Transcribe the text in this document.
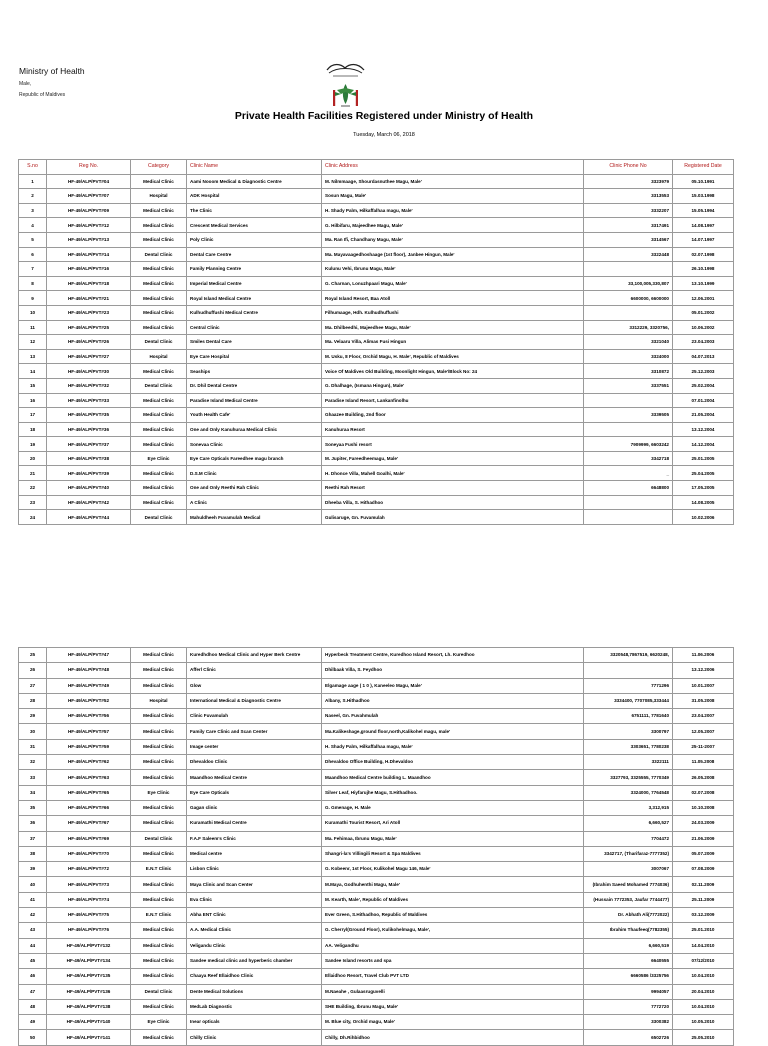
Ministry of Health
Male,
Republic of Maldives
Private Health Facilities Registered under Ministry of Health
Tuesday, March 06, 2018
S.no	Reg No.	Category	Clinic Name	Clinic Address	Clinic Phone No	Registered Date
1	HF-49/ALP/PVT#04	Medical Clinic	Aami Nooom Medical & Diagnostic Centre	M. Nilmmaage, Shourdasnuthee Magu, Male'	3323979	05.10.1991
2	HF-49/ALP/PVT#07	Hospital	ADK Hospital	Sosun Magu, Male'	3313553	15.03.1998
3	HF-49/ALP/PVT#09	Medical Clinic	The Clinic	H. Shady Palm, Hilkaffalhaa magu, Male'	3332207	15.05.1994
4	HF-49/ALP/PVT#12	Medical Clinic	Crescent Medical Services	G. Hilbifaru, Majeedhee Magu, Male'	3317491	14.08.1997
5	HF-49/ALP/PVT#13	Medical Clinic	Poly Clinic	Ma. Ran Ifi, Chandhany Magu, Male'	3314567	14.07.1997
6	HF-49/ALP/PVT#14	Dental Clinic	Dental Care Centre	Ma. Mayavaagedhoshaage (1st floor), Janbee Hingun, Male'	3322448	02.07.1998
7	HF-49/ALP/PVT#16	Medical Clinic	Family Planning Centre	Kulunu Vehi, Ibrunu Magu, Male'		26.10.1998
8	HF-49/ALP/PVT#18	Medical Clinic	Imperial Medical Centre	G. Charnan, Lonuzhpaari Magu, Male'	33,100,005,330,807	13.10.1999
9	HF-49/ALP/PVT#21	Medical Clinic	Royal Island Medical Centre	Royal Island Resort, Baa Atoll	6600000, 6600000	12.06.2001
10	HF-49/ALP/PVT#23	Medical Clinic	Kulhudhuffushi Medical Centre	Filhumaage, Hdh. Kulhudhuffushi		05.01.2002
11	HF-49/ALP/PVT#25	Medical Clinic	Central Clinic	Ma. Dhilbeedhi, Majeedhee Magu, Male'	3312229, 3320756,	10.06.2002
12	HF-49/ALP/PVT#26	Dental Clinic	Smiles Dental Care	Ma. Velaaru Villa, Alimas Fusi Hingun	3321040	23.04.2003
13	HF-49/ALP/PVT#27	Hospital	Eye Care Hospital	M. Usku, 8 Floor, Orchid Magu, H. Male', Republic of Maldives	3324000	04.07.2013
14	HF-49/ALP/PVT#30	Medical Clinic	Seaships	Voice Of Maldives Old Building, Moonlight Hingun, Male'/Block No: 24	3310872	25.12.2003
15	HF-49/ALP/PVT#32	Dental Clinic	Dr. Dhil Dental Centre	G. Dhalhage, (Ismana Hingun), Male'	3337551	25.02.2004
16	HF-49/ALP/PVT#33	Medical Clinic	Paradise Island Medical Centre	Paradise Island Resort, Lankanfinolhu		07.01.2004
17	HF-49/ALP/PVT#35	Medical Clinic	Youth Health Cafe'	Ghaazee Building, 2nd floor	3339505	21.05.2004
18	HF-49/ALP/PVT#36	Medical Clinic	One and Only Kanuhuraa Medical Clinic	Kanuhuraa Resort		13.12.2004
19	HF-49/ALP/PVT#37	Medical Clinic	Sonevaa Clinic	Soneyaa Fushi resort	7909999, 6603242	14.12.2004
20	HF-49/ALP/PVT#38	Eye Clinic	Eye Care Opticals Fareedhee magu branch	M. Jupiter, Fareedheemagu, Male'	3342718	25.01.2005
21	HF-49/ALP/PVT#39	Medical Clinic	D.S.M Clinic	H. Dhonce Villa, Mahell Goalhi, Male'	_	25.04.2005
22	HF-49/ALP/PVT#40	Medical Clinic	One and Only Reethi Rah Clinic	Reethi Rah Resort	6648800	17.05.2005
23	HF-49/ALP/PVT#42	Medical Clinic	A Clinic	Dheeba Villa, S. Hithadhoo		14.08.2005
24	HF-49/ALP/PVT#44	Dental Clinic	Mahuldheeh Fuvamulah Medical	Gulisaruge, Gn. Fuvamulah		10.02.2006
25	HF-49/ALP/PVT#47	Medical Clinic	Kuredhdhoo Medical Clinic and Hyper Berk Centre	Hyperbeck Treatment Centre, Kuredhoo Island Resort, Lh. Kuredhoo	3320548,7867519, 6620248,	11.06.2006
26	HF-49/ALP/PVT#48	Medical Clinic	Afferl Clinic	Dhilbaak Villa, S. Feydhoo		13.12.2006
27	HF-49/ALP/PVT#49	Medical Clinic	Glow	Elgamage aage ( 1 0 ), Kaneeleo Magu, Male'	7771296	10.01.2007
28	HF-49/ALP/PVT#52	Hospital	International Medical & Diagnostic Centre	Albany, S.Hithadhoo	3334400, 7707085,333444	31.05.2008
29	HF-49/ALP/PVT#56	Medical Clinic	Clinic Fuvamulah	Naseel, Gn. Fuvahmulah	6751111, 7781640	23.04.2007
30	HF-49/ALP/PVT#57	Medical Clinic	Family Care Clinic and Scan Center	Ma.Kalikeshage,ground floor,north,Kalikohel magu, male'	3300797	12.05.2007
31	HF-49/ALP/PVT#59	Medical Clinic	Image center	H. Shady Palm, Hilkaffalhaa magu, Male'	3303651, 7780238	25-11-2007
32	HF-49/ALP/PVT#62	Medical Clinic	Dhevaldoo Clinic	Dhevaldoo Office Building, H.Dhevaldoo	3322111	11.05.2008
33	HF-49/ALP/PVT#63	Medical Clinic	Maandhoo Medical Centre	Maandhoo Medical Centre building L. Maandhoo	3327793, 3325555, 7770349	26.05.2008
34	HF-49/ALP/PVT#65	Eye Clinic	Eye Care Opticals	Silver Leaf, Hiyfarujhe Magu, S.Hithadhoo.	3324000, 7764548	02.07.2008
35	HF-49/ALP/PVT#66	Medical Clinic	Gagan clinic	G. Gmenage, H. Male	3,312,915	10.10.2008
36	HF-49/ALP/PVT#67	Medical Clinic	Kuramathi Medical Centre	Kuramathi Tourist Resort, Ari Atoll	6,660,527	24.03.2009
37	HF-49/ALP/PVT#69	Dental Clinic	F.A.F Saleem's Clinic	Ma. Fehimaa, Ibrunu Magu, Male'	7704472	21.06.2009
38	HF-49/ALP/PVT#70	Medical Clinic	Medical centre	Shangri-la's Villingili Resort & Spa Maldives	3342717, (Tharifaraz-7777352)	05.07.2009
39	HF-49/ALP/PVT#72	E.N.T Clinic	Lisbon Clinic	G. Kobeenr, 1st Floor, Kulikohel Magu 146, Male'	3007067	07.08.2009
40	HF-49/ALP/PVT#73	Medical Clinic	Maya Clinic and Scan Center	M.Maya, Godhuhenthi Magu, Male'	(Ibrahim Saeed Mohamed 7774036)	02.11.2009
41	HF-49/ALP/PVT#74	Medical Clinic	Eva Clinic	M. Kearth, Male', Republic of Maldives	(Hussain 7772353, Jaufar 7744477)	25.11.2009
42	HF-49/ALP/PVT#75	E.N.T Clinic	Abha ENT Clinic	Ever Green, S.Hithadhoo, Republic of Maldives	Dr. Abhath Ali(7772022)	03.12.2009
43	HF-49/ALP/PVT#76	Medical Clinic	A.A. Medical Clinic	G. Cherryl(Ground Floor), Kulikohelmagu, Male',	Ibrahim Thaufeeq(7782355)	25.01.2010
44	HF-49/ALP/PVT#132	Medical Clinic	Veligandu Clinic	AA. Veligandhu	6,660,519	14.04.2010
45	HF-49/ALP/PVT#134	Medical Clinic	Sandee medical clinic and hyperberic chamber	Sandee Island resorts and spa	6640555	07/12/2010
46	HF-49/ALP/PVT#135	Medical Clinic	Chaaya Reef Ellaidhoo Clinic	Ellaidhoo Resort, Travel Club PVT LTD	6660586 /3325756	10.04.2010
47	HF-49/ALP/PVT#136	Dental Clinic	Dente Medical Solutions	M.Naeahe , Gulaasruguvelli	9994057	20.04.2010
48	HF-49/ALP/PVT#138	Medical Clinic	MedLab Diagnostic	SHE Building, Ibrunu Magu, Male'	7772720	10.04.2010
49	HF-49/ALP/PVT#140	Eye Clinic	Inear opticals	M. Blue city, Orchid magu, Male'	3300382	10.05.2010
50	HF-49/ALP/PVT#141	Medical Clinic	Chilly Clinic	Chilly, Dh.Rihbidhoo	6502726	25.05.2010
